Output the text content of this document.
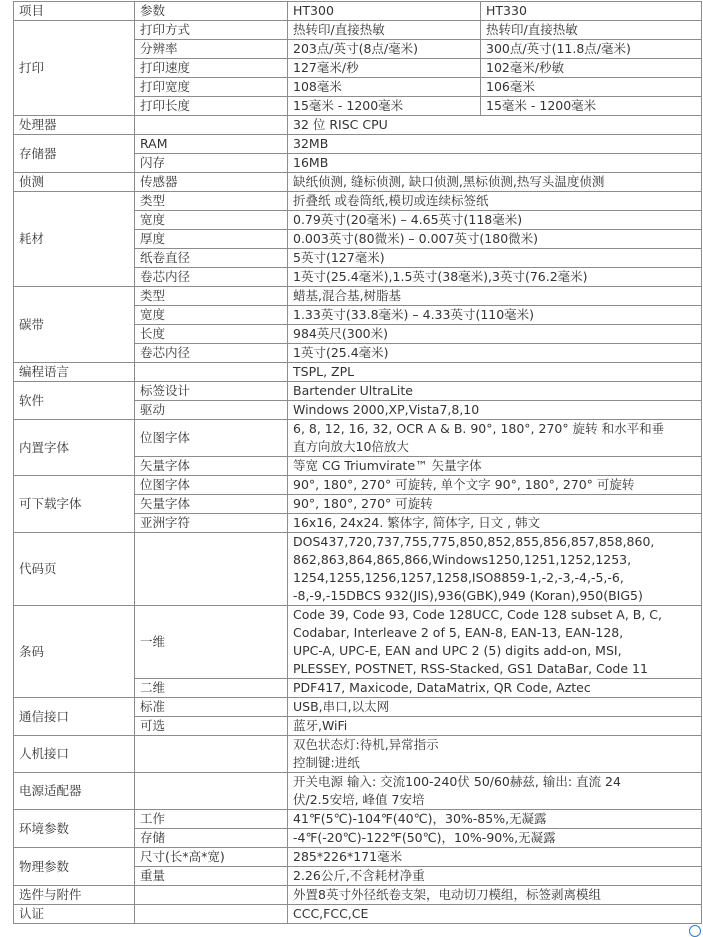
项目	参数	HT300	HT330
打印	打印方式	热转印/直接热敏	热转印/直接热敏
	分辨率	203点/英寸(8点/毫米)	300点/英寸(11.8点/毫米)
	打印速度	127毫米/秒	102毫米/秒敏
	打印宽度	108毫米	106毫米
	打印长度	15毫米 - 1200毫米	15毫米 - 1200毫米
处理器		32 位 RISC CPU	
存储器	RAM	32MB	
	闪存	16MB	
侦测	传感器	缺纸侦测, 缝标侦测, 缺口侦测,黑标侦测,热写头温度侦测	
耗材	类型	折叠纸 或卷筒纸,模切或连续标签纸	
	宽度	0.79英寸(20毫米) – 4.65英寸(118毫米)	
	厚度	0.003英寸(80微米) – 0.007英寸(180微米)	
	纸卷直径	5英寸(127毫米)	
	卷芯内径	1英寸(25.4毫米),1.5英寸(38毫米),3英寸(76.2毫米)	
碳带	类型	蜡基,混合基,树脂基	
	宽度	1.33英寸(33.8毫米) – 4.33英寸(110毫米)	
	长度	984英尺(300米)	
	卷芯内径	1英寸(25.4毫米)	
编程语言		TSPL, ZPL	
软件	标签设计	Bartender UltraLite	
	驱动	Windows 2000,XP,Vista7,8,10	
内置字体	位图字体	6, 8, 12, 16, 32, OCR A & B. 90°, 180°, 270° 旋转 和水平和垂
直方向放大10倍放大	

	矢量字体	等宽 CG Triumvirate™ 矢量字体	
可下载字体	位图字体	90°, 180°, 270° 可旋转, 单个文字 90°, 180°, 270° 可旋转	
	矢量字体	90°, 180°, 270° 可旋转	
	亚洲字符	16x16, 24x24. 繁体字, 简体字, 日文 , 韩文	
代码页		DOS437,720,737,755,775,850,852,855,856,857,858,860,
862,863,864,865,866,Windows1250,1251,1252,1253,
1254,1255,1256,1257,1258,ISO8859-1,-2,-3,-4,-5,-6,
-8,-9,-15DBCS 932(JIS),936(GBK),949 (Koran),950(BIG5)	

条码	一维	Code 39, Code 93, Code 128UCC, Code 128 subset A, B, C,
Codabar, Interleave 2 of 5, EAN-8, EAN-13, EAN-128,
UPC-A, UPC-E, EAN and UPC 2 (5) digits add-on, MSI,
PLESSEY, POSTNET, RSS-Stacked, GS1 DataBar, Code 11	

	二维	PDF417, Maxicode, DataMatrix, QR Code, Aztec	
通信接口	标准	USB,串口,以太网	
	可选	蓝牙,WiFi	
人机接口		双色状态灯:待机,异常指示
控制键:进纸	

电源适配器		开关电源 输入: 交流100-240伏 50/60赫兹, 输出: 直流 24
伏/2.5安培, 峰值 7安培	

环境参数	工作	41℉(5℃)-104℉(40℃)，30%-85%,无凝露	
	存储	-4℉(-20℃)-122℉(50℃)，10%-90%,无凝露	
物理参数	尺寸(长*高*宽)	285*226*171毫米	
	重量	2.26公斤,不含耗材净重	
选件与附件		外置8英寸外径纸卷支架，电动切刀模组，标签剥离模组	
认证		CCC,FCC,CE	
